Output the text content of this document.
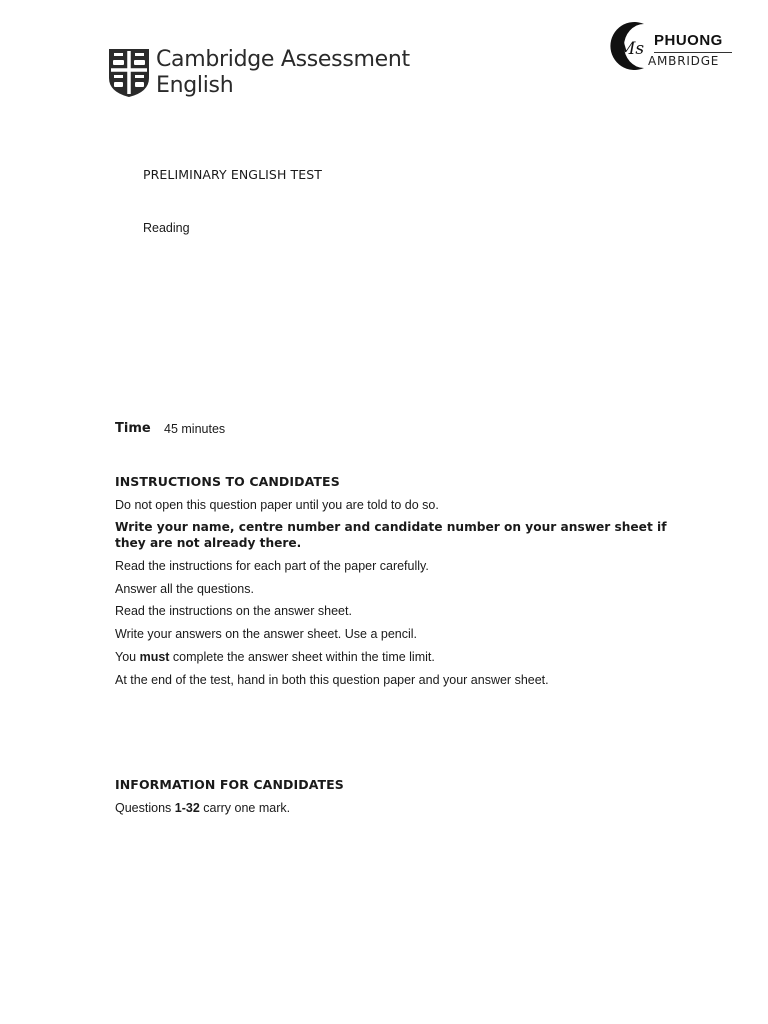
Cambridge Assessment
English
Ms PHUONG
AMBRIDGE
PRELIMINARY ENGLISH TEST
Reading
Time 45 minutes
INSTRUCTIONS TO CANDIDATES
Do not open this question paper until you are told to do so.
Write your name, centre number and candidate number on your answer sheet if they are not already there.
Read the instructions for each part of the paper carefully.
Answer all the questions.
Read the instructions on the answer sheet.
Write your answers on the answer sheet. Use a pencil.
You must complete the answer sheet within the time limit.
At the end of the test, hand in both this question paper and your answer sheet.
INFORMATION FOR CANDIDATES
Questions 1-32 carry one mark.
